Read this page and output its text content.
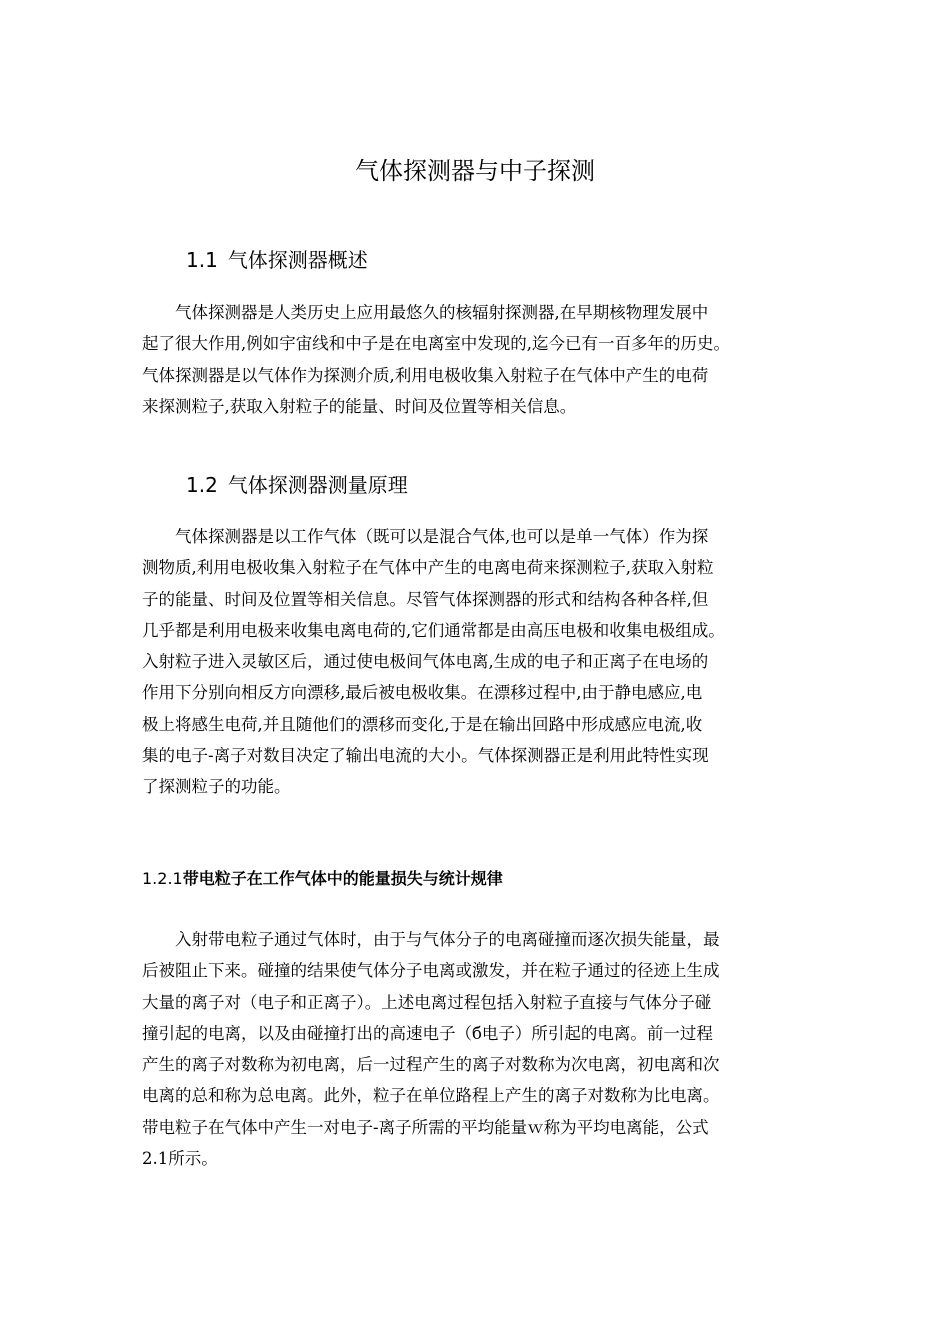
气体探测器与中子探测
1.1 气体探测器概述
　　气体探测器是人类历史上应用最悠久的核辐射探测器,在早期核物理发展中
起了很大作用,例如宇宙线和中子是在电离室中发现的,迄今已有一百多年的历史。
气体探测器是以气体作为探测介质,利用电极收集入射粒子在气体中产生的电荷
来探测粒子,获取入射粒子的能量、时间及位置等相关信息。
1.2 气体探测器测量原理
　　气体探测器是以工作气体（既可以是混合气体,也可以是单一气体）作为探
测物质,利用电极收集入射粒子在气体中产生的电离电荷来探测粒子,获取入射粒
子的能量、时间及位置等相关信息。尽管气体探测器的形式和结构各种各样,但
几乎都是利用电极来收集电离电荷的,它们通常都是由高压电极和收集电极组成。
入射粒子进入灵敏区后，通过使电极间气体电离,生成的电子和正离子在电场的
作用下分别向相反方向漂移,最后被电极收集。在漂移过程中,由于静电感应,电
极上将感生电荷,并且随他们的漂移而变化,于是在输出回路中形成感应电流,收
集的电子-离子对数目决定了输出电流的大小。气体探测器正是利用此特性实现
了探测粒子的功能。
1.2.1带电粒子在工作气体中的能量损失与统计规律
　　入射带电粒子通过气体时，由于与气体分子的电离碰撞而逐次损失能量，最
后被阻止下来。碰撞的结果使气体分子电离或激发，并在粒子通过的径迹上生成
大量的离子对（电子和正离子）。上述电离过程包括入射粒子直接与气体分子碰
撞引起的电离，以及由碰撞打出的高速电子（б电子）所引起的电离。前一过程
产生的离子对数称为初电离，后一过程产生的离子对数称为次电离，初电离和次
电离的总和称为总电离。此外，粒子在单位路程上产生的离子对数称为比电离。
带电粒子在气体中产生一对电子-离子所需的平均能量ｗ称为平均电离能，公式
2.1所示。
